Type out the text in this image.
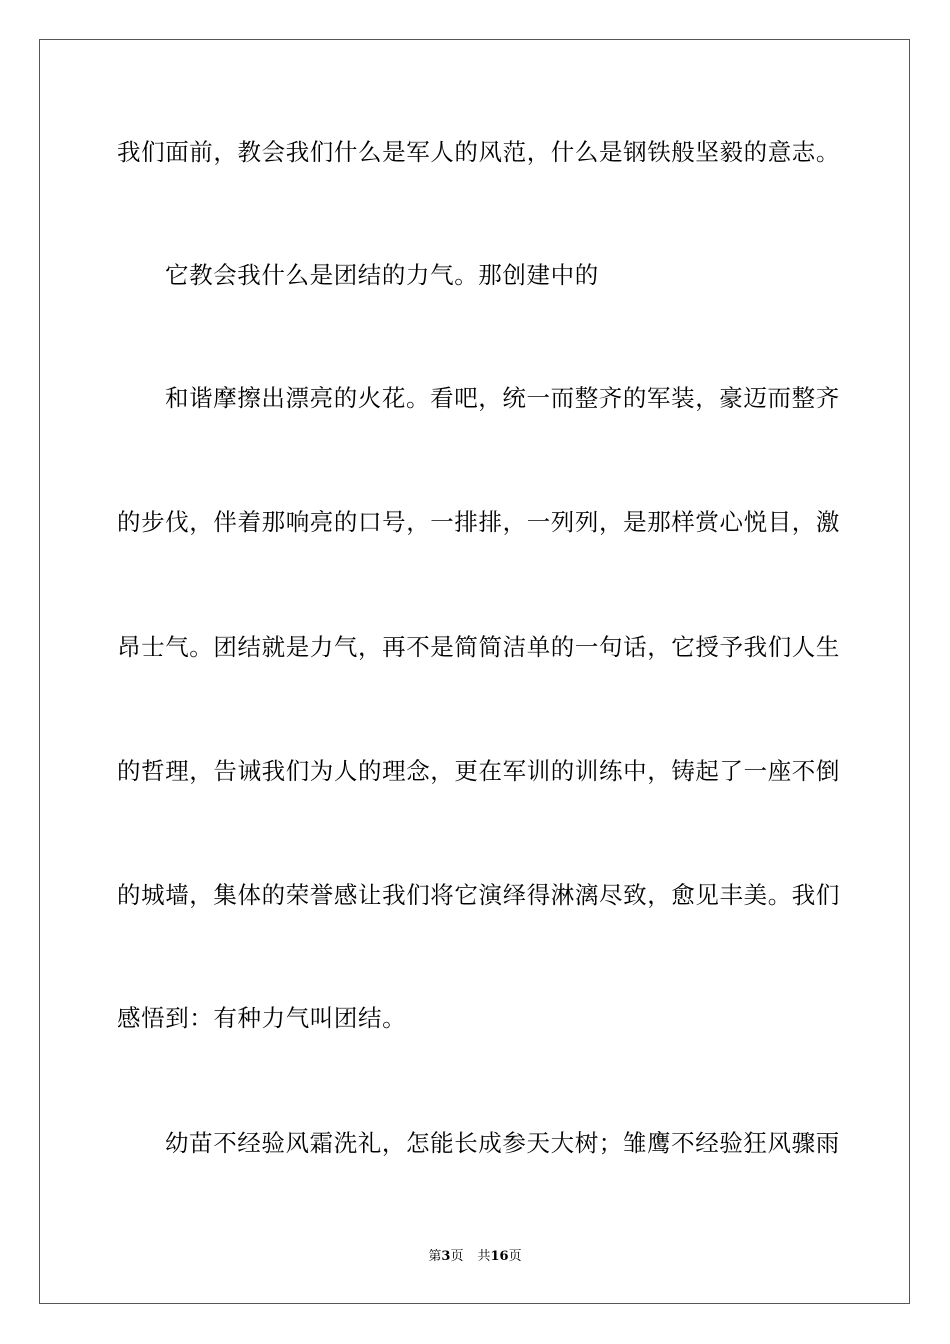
我们面前，教会我们什么是军人的风范，什么是钢铁般坚毅的意志。
它教会我什么是团结的力气。那创建中的
和谐摩擦出漂亮的火花。看吧，统一而整齐的军装，豪迈而整齐
的步伐，伴着那响亮的口号，一排排，一列列，是那样赏心悦目，激
昂士气。团结就是力气，再不是简简洁单的一句话，它授予我们人生
的哲理，告诫我们为人的理念，更在军训的训练中，铸起了一座不倒
的城墙，集体的荣誉感让我们将它演绎得淋漓尽致，愈见丰美。我们
感悟到：有种力气叫团结。
幼苗不经验风霜洗礼，怎能长成参天大树；雏鹰不经验狂风骤雨
第3页 共16页
